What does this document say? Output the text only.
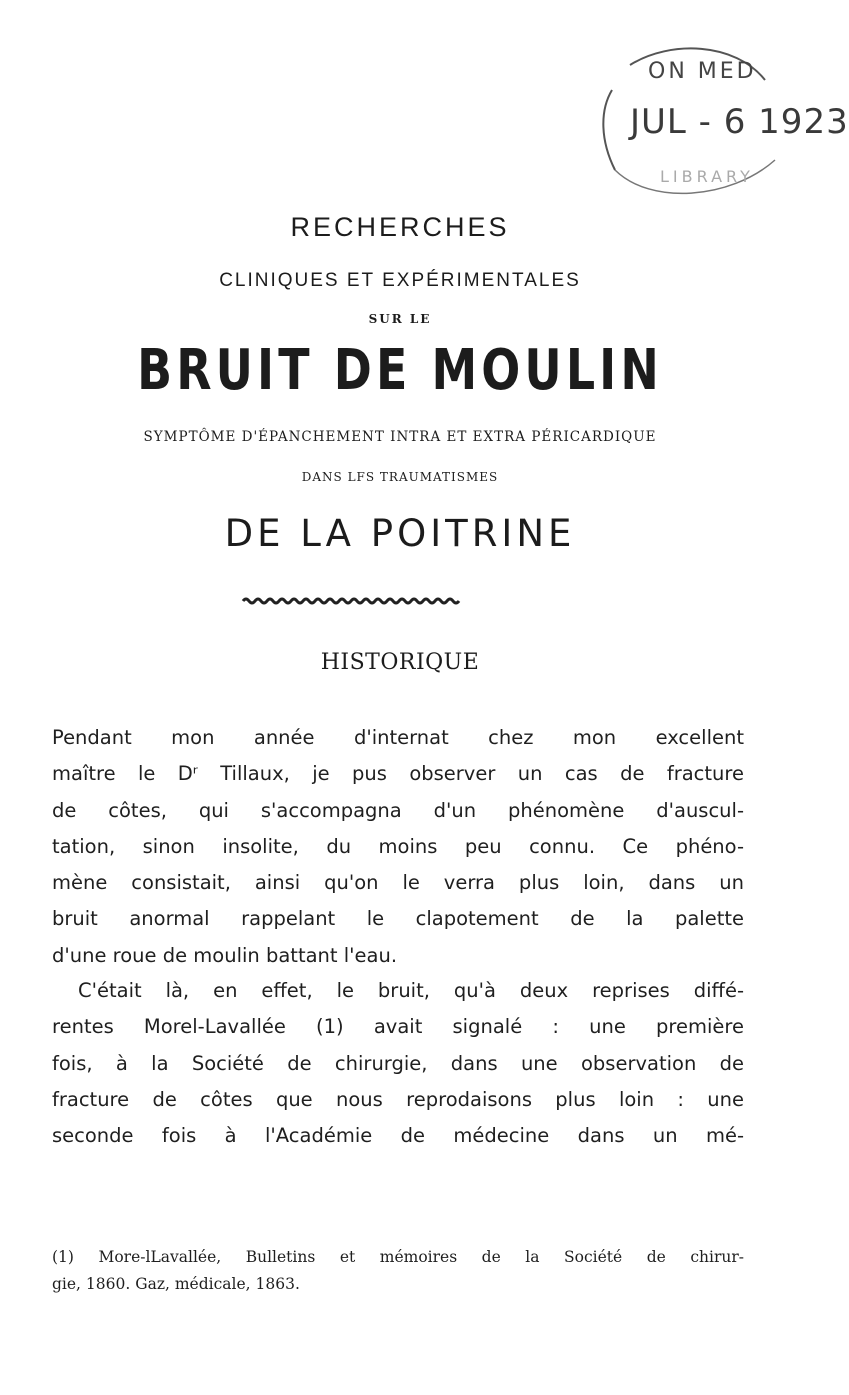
ON MED
LIBRARY
JUL - 6 1923
RECHERCHES
CLINIQUES ET EXPÉRIMENTALES
SUR LE
BRUIT DE MOULIN
SYMPTÔME D'ÉPANCHEMENT INTRA ET EXTRA PÉRICARDIQUE
DANS LFS TRAUMATISMES
DE LA POITRINE
HISTORIQUE
Pendant mon année d'internat chez mon excellent
maître le Dʳ Tillaux, je pus observer un cas de fracture
de côtes, qui s'accompagna d'un phénomène d'auscul-
tation, sinon insolite, du moins peu connu. Ce phéno-
mène consistait, ainsi qu'on le verra plus loin, dans un
bruit anormal rappelant le clapotement de la palette
d'une roue de moulin battant l'eau.
C'était là, en effet, le bruit, qu'à deux reprises diffé-
rentes Morel-Lavallée (1) avait signalé : une première
fois, à la Société de chirurgie, dans une observation de
fracture de côtes que nous reprodaisons plus loin : une
seconde fois à l'Académie de médecine dans un mé-
(1) More-lLavallée, Bulletins et mémoires de la Société de chirur-
gie, 1860. Gaz, médicale, 1863.
